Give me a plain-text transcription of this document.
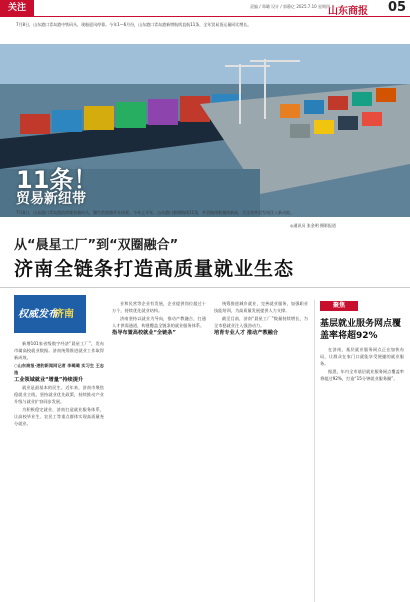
关注	责编 / 郑璐 设计 / 郭静亿 2025.7.10 星期四
山东商报 05
7月8日，山东港口青岛港中铁码头，现船迎风停靠。今年1—6月份，山东港口青岛港新增航线直航11条，全年贸易货运量同比增长。
11条！
贸易新纽带
7月8日，山东港口青岛港前湾集装箱码头，繁忙的装卸作业场景。今年上半年，山东港口新增航线11条，外贸航线数量创新高，为全省外贸发展注入新动能。
◎通讯员 张金明 摄影报道
从“晨星工厂”到“双圈融合”
济南全链条打造高质量就业生态
权威发布
济南

新增101家省级数字经济“晨星工厂”，发布市属高校就业数据。济南统筹推进就业工作取得新成效。

○山东商报·速豹新闻网记者 李璐璐 实习生 王志逸

工业领域就业“增量”持续提升

就业是最基本的民生。近年来，济南市聚焦稳就业主线，坚持就业优先政策，持续推动产业升级与就业扩容同步发展。

为积极稳定就业，济南打造就业服务体系，让高校毕业生、农民工等重点群体实现高质量充分就业。

业和民营等企业有发展，企业提供岗位超过十万个，持续优化就业结构。

济南坚持以就业为导向，推动产教融合，打通人才供需通道，构建覆盖全链条的就业服务体系。

指导布置高校就业“全链条”

统筹推进城乡就业，完善就业服务，加强职业技能培训，为高质量发展提供人力支撑。

截至目前，济南“晨星工厂”数量持续增长，为全市稳就业注入强劲动力。

培育专业人才 推动产教融合
聚焦
基层就业服务网点覆盖率将超92%

在济南，基层就业服务网点正在加快布局，让群众在家门口就能享受便捷的就业服务。

据悉，年内全市基层就业服务网点覆盖率将超过92%，打造“15分钟就业服务圈”。
